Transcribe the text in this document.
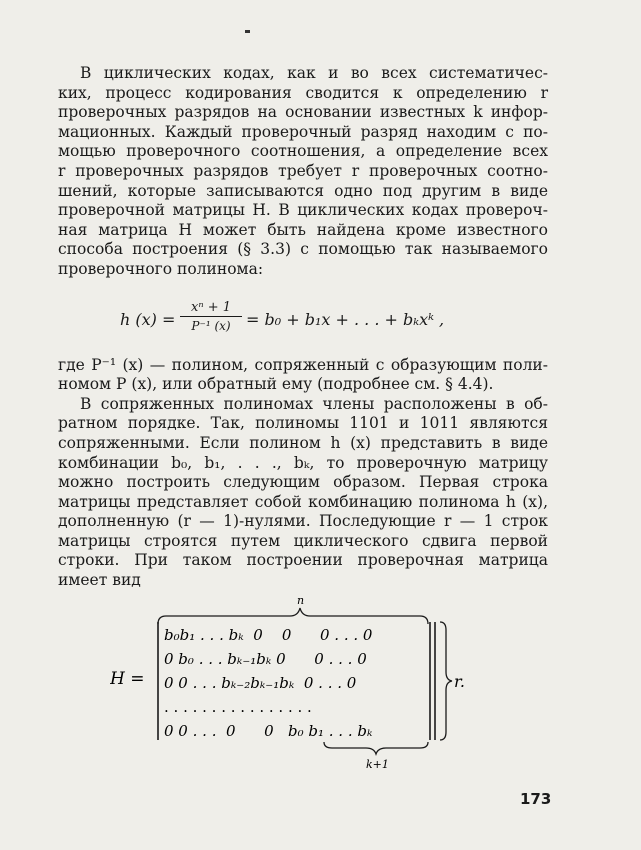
В циклических кодах, как и во всех систематичес-
ких, процесс кодирования сводится к определению r
проверочных разрядов на основании известных k инфор-
мационных. Каждый проверочный разряд находим с по-
мощью проверочного соотношения, а определение всех
r проверочных разрядов требует r проверочных соотно-
шений, которые записываются одно под другим в виде
проверочной матрицы H. В циклических кодах провероч-
ная матрица H может быть найдена кроме известного
способа построения (§ 3.3) с помощью так называемого
проверочного полинома:
где P⁻¹ (x) — полином, сопряженный с образующим поли-
номом P (x), или обратный ему (подробнее см. § 4.4).
В сопряженных полиномах члены расположены в об-
ратном порядке. Так, полиномы 1101 и 1011 являются
сопряженными. Если полином h (x) представить в виде
комбинации b₀, b₁, . . ., bₖ, то проверочную матрицу
можно построить следующим образом. Первая строка
матрицы представляет собой комбинацию полинома h (x),
дополненную (r — 1)-нулями. Последующие r — 1 строк
матрицы строятся путем циклического сдвига первой
строки. При таком построении проверочная матрица
имеет вид
h $(x) = \frac{\text{xⁿ + 1}}{\text{P⁻¹ (x)}} = b_0 + b_1x$ + . . . + bₖxᵏ ,
H =
n
r.
b₀b₁ . . . bₖ  0    0      0 . . . 0
0 b₀ . . . bₖ₋₁bₖ 0      0 . . . 0
0 0 . . . bₖ₋₂bₖ₋₁bₖ  0 . . . 0
. . . . . . . . . . . . . . . .
0 0 . . .  0      0   b₀ b₁ . . . bₖ
k+1
173
